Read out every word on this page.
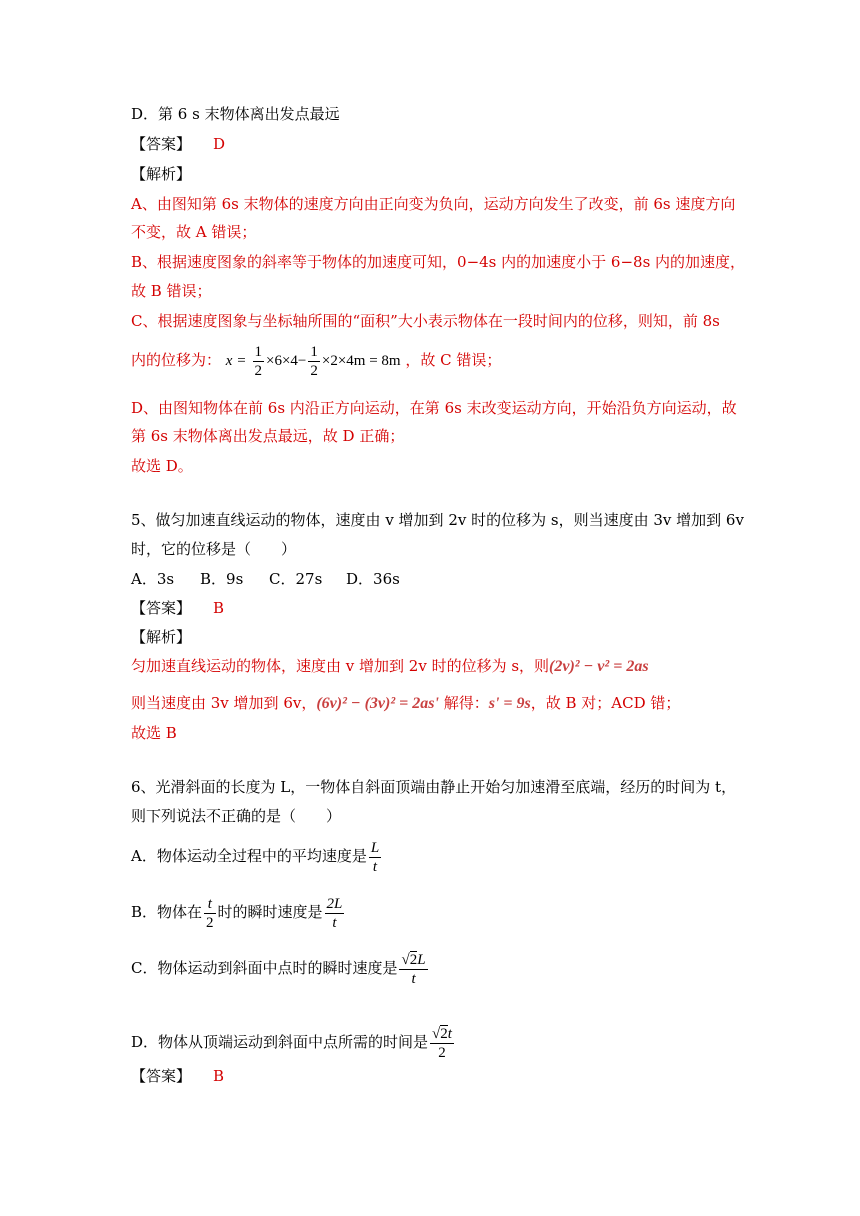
D．第 6 s 末物体离出发点最远
【答案】 D
【解析】
A、由图知第 6s 末物体的速度方向由正向变为负向，运动方向发生了改变，前 6s 速度方向
不变，故 A 错误；
B、根据速度图象的斜率等于物体的加速度可知，0−4s 内的加速度小于 6−8s 内的加速度，
故 B 错误；
C、根据速度图象与坐标轴所围的“面积”大小表示物体在一段时间内的位移，则知，前 8s
内的位移为： $x = \frac{1}{2} \times 6\times 4- \frac{1}{2} \times 2\times 4m = 8m$ ，故 C 错误；
D、由图知物体在前 6s 内沿正方向运动，在第 6s 末改变运动方向，开始沿负方向运动，故
第 6s 末物体离出发点最远，故 D 正确；
故选 D。
5、做匀加速直线运动的物体，速度由 v 增加到 2v 时的位移为 s，则当速度由 3v 增加到 6v
时，它的位移是（　　）
A．3s B．9s C．27s D．36s
【答案】 B
【解析】
匀加速直线运动的物体，速度由 v 增加到 2v 时的位移为 s，则(2v)² − v² = 2as
则当速度由 3v 增加到 6v，(6v)² − (3v)² = 2as' 解得：s' = 9s，故 B 对；ACD 错；
故选 B
6、光滑斜面的长度为 L，一物体自斜面顶端由静止开始匀加速滑至底端，经历的时间为 t，
则下列说法不正确的是（　　）
A．物体运动全过程中的平均速度是 $\frac{L}{t}$
B．物体在 $\frac{t}{2}$ 时的瞬时速度是 $\frac{2L}{t}$
C．物体运动到斜面中点时的瞬时速度是 $\frac{√2L}{t}$
D．物体从顶端运动到斜面中点所需的时间是 $\frac{√2t}{2}$
【答案】 B
